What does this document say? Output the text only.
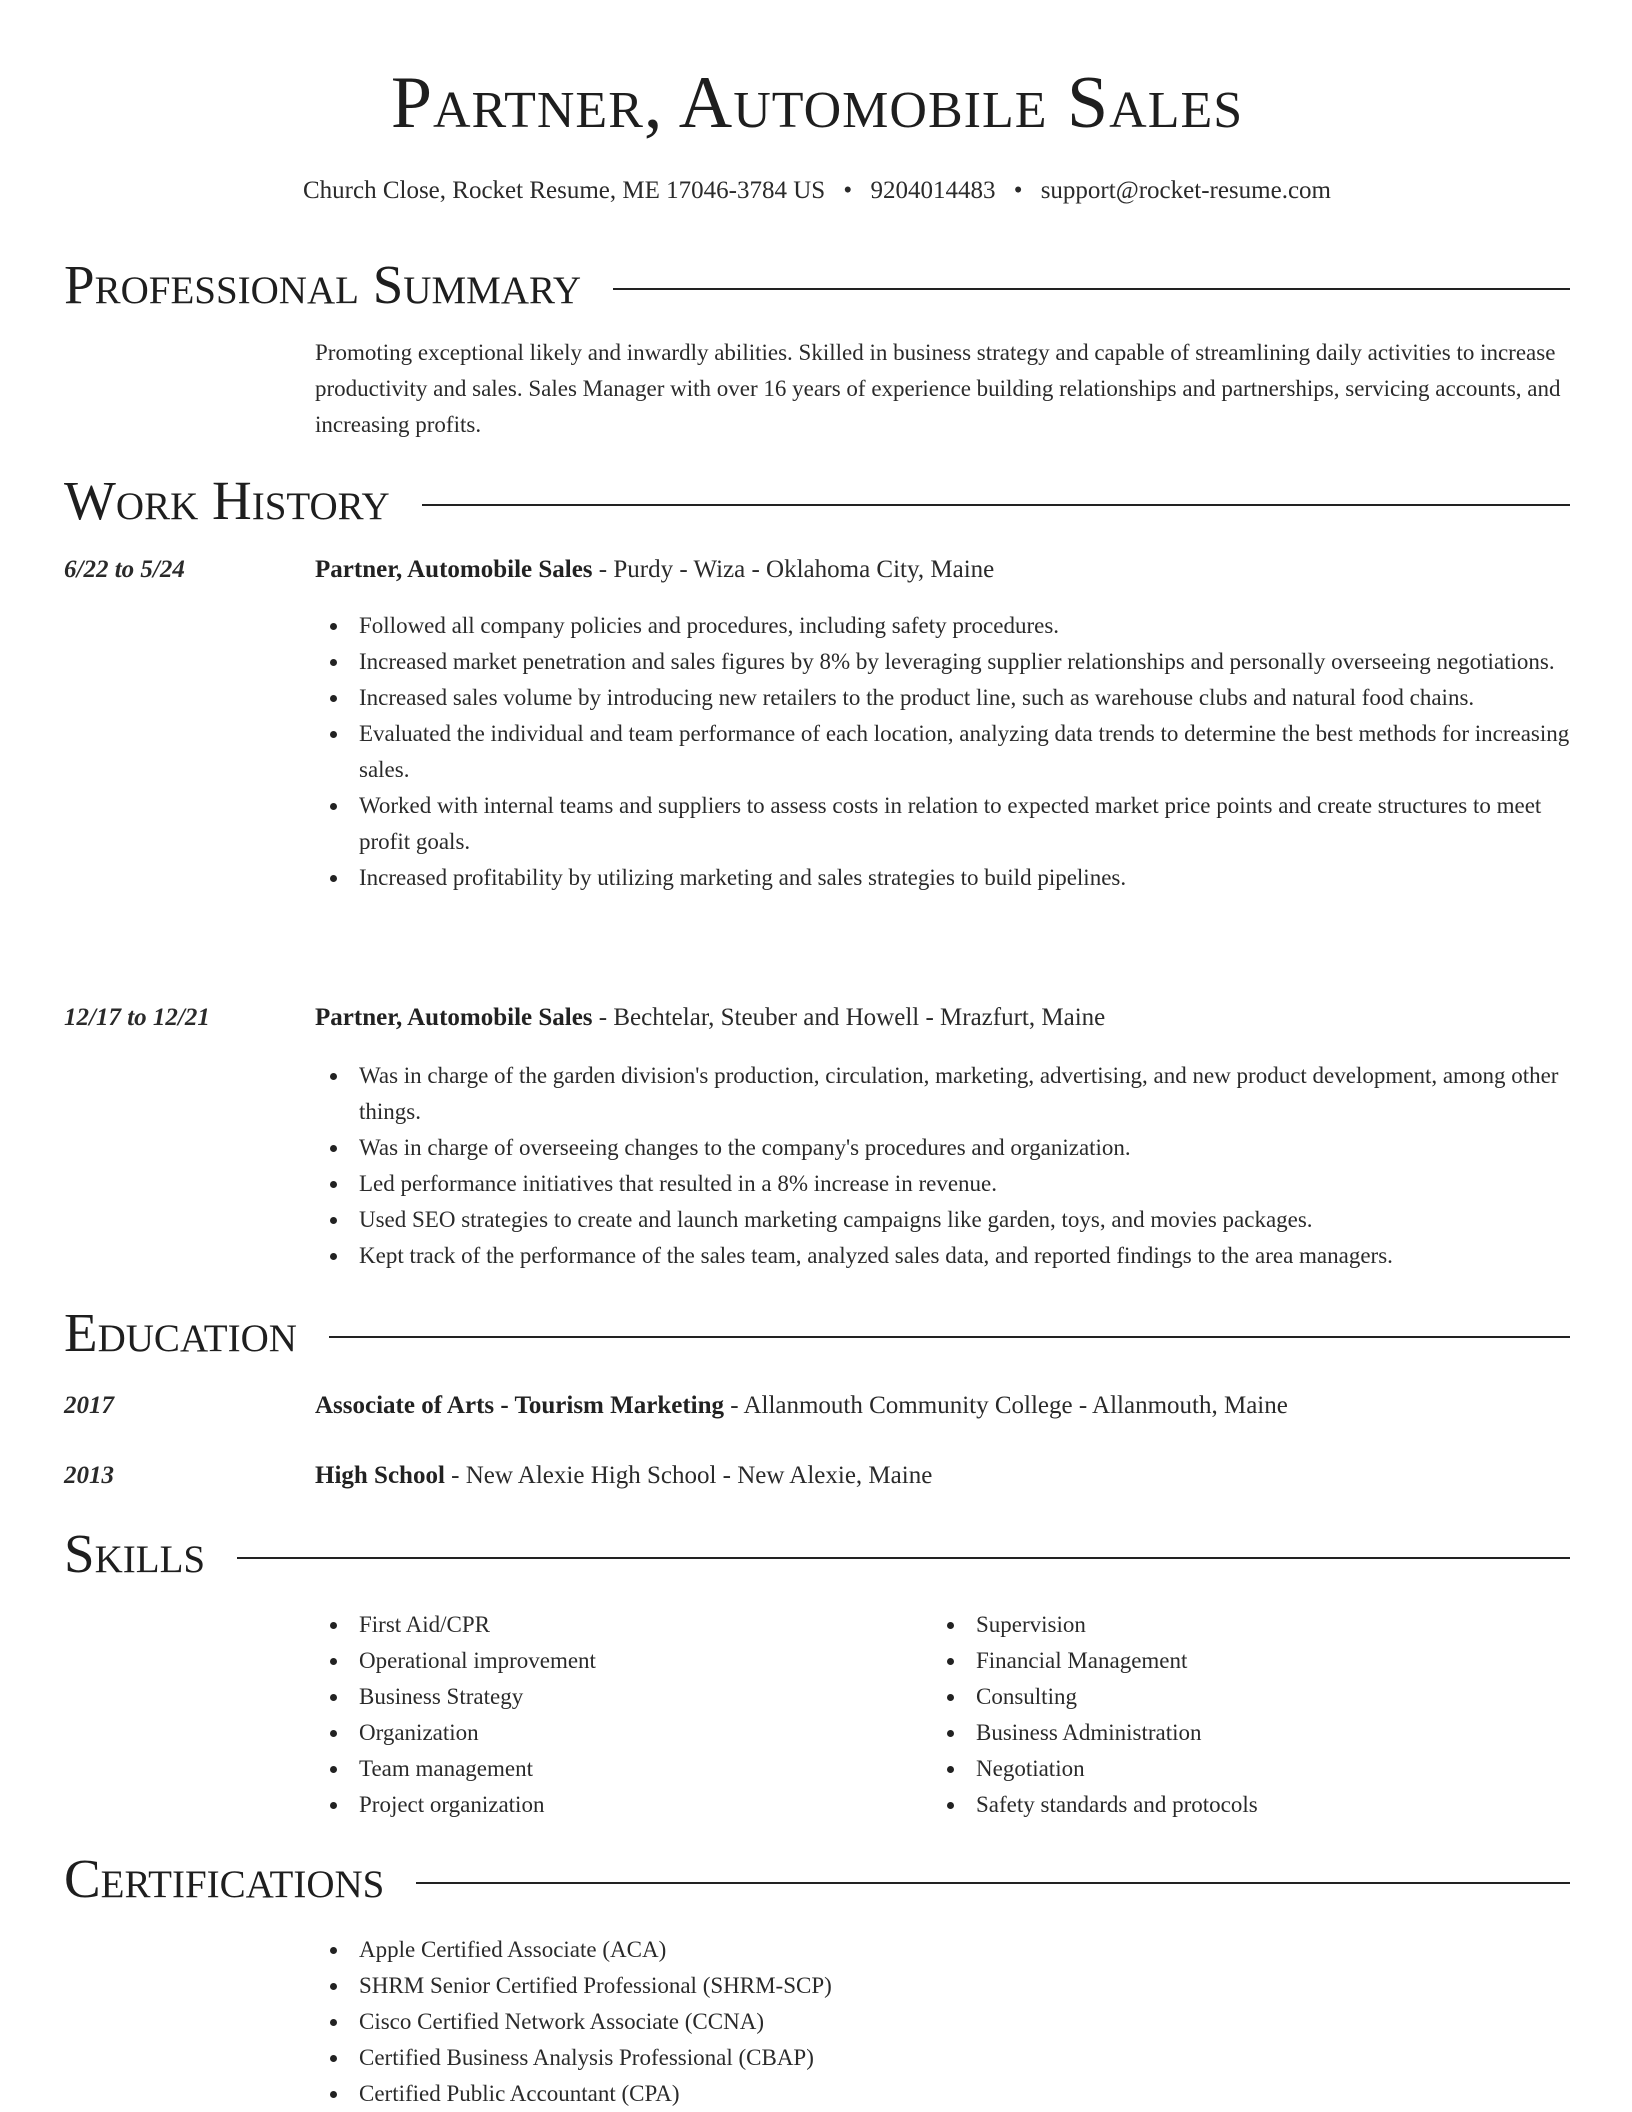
Partner, Automobile Sales
Church Close, Rocket Resume, ME 17046-3784 US • 9204014483 • support@rocket-resume.com
Professional Summary
Promoting exceptional likely and inwardly abilities. Skilled in business strategy and capable of streamlining daily activities to increase productivity and sales. Sales Manager with over 16 years of experience building relationships and partnerships, servicing accounts, and increasing profits.
Work History
6/22 to 5/24	Partner, Automobile Sales - Purdy - Wiza - Oklahoma City, Maine
Followed all company policies and procedures, including safety procedures.
Increased market penetration and sales figures by 8% by leveraging supplier relationships and personally overseeing negotiations.
Increased sales volume by introducing new retailers to the product line, such as warehouse clubs and natural food chains.
Evaluated the individual and team performance of each location, analyzing data trends to determine the best methods for increasing sales.
Worked with internal teams and suppliers to assess costs in relation to expected market price points and create structures to meet profit goals.
Increased profitability by utilizing marketing and sales strategies to build pipelines.
12/17 to 12/21	Partner, Automobile Sales - Bechtelar, Steuber and Howell - Mrazfurt, Maine
Was in charge of the garden division's production, circulation, marketing, advertising, and new product development, among other things.
Was in charge of overseeing changes to the company's procedures and organization.
Led performance initiatives that resulted in a 8% increase in revenue.
Used SEO strategies to create and launch marketing campaigns like garden, toys, and movies packages.
Kept track of the performance of the sales team, analyzed sales data, and reported findings to the area managers.
Education
2017	Associate of Arts - Tourism Marketing - Allanmouth Community College - Allanmouth, Maine
2013	High School - New Alexie High School - New Alexie, Maine
Skills
First Aid/CPR
Operational improvement
Business Strategy
Organization
Team management
Project organization
Supervision
Financial Management
Consulting
Business Administration
Negotiation
Safety standards and protocols
Certifications
Apple Certified Associate (ACA)
SHRM Senior Certified Professional (SHRM-SCP)
Cisco Certified Network Associate (CCNA)
Certified Business Analysis Professional (CBAP)
Certified Public Accountant (CPA)
